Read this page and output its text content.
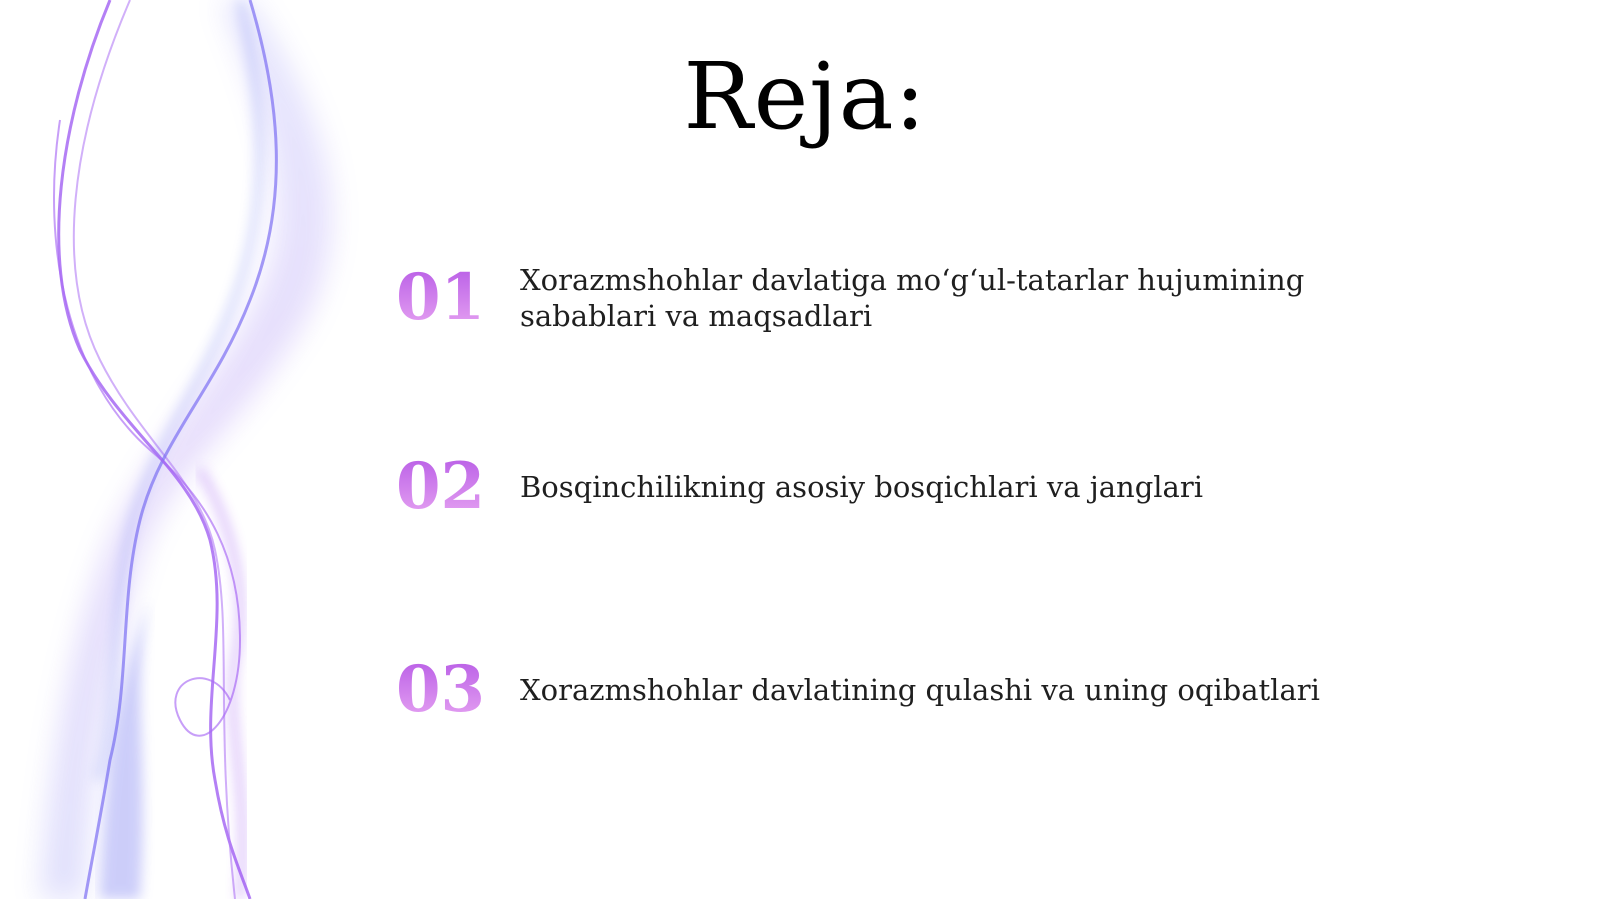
Reja:
01	Xorazmshohlar davlatiga mo‘g‘ul-tatarlar hujumining sabablari va maqsadlari
02	Bosqinchilikning asosiy bosqichlari va janglari
03	Xorazmshohlar davlatining qulashi va uning oqibatlari
